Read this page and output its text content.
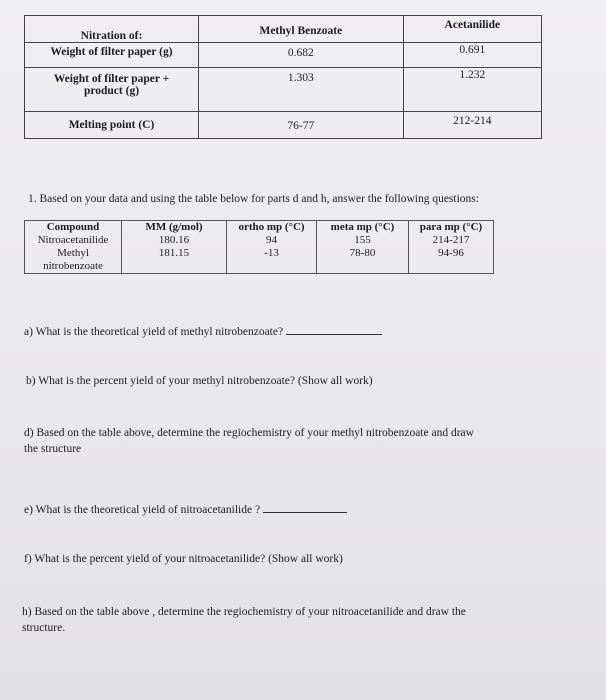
Nitration of:	Methyl Benzoate	Acetanilide
Weight of filter paper (g)	0.682	0.691

Weight of filter paper +
product (g)	1.303	1.232
Melting point (C)	76-77	212-214
1. Based on your data and using the table below for parts d and h, answer the following questions:
Compound	MM (g/mol)	ortho mp (°C)	meta mp (°C)	para mp (°C)
Nitroacetanilide	180.16	94	155	214-217

Methyl
nitrobenzoate	181.15	-13	78-80	94-96
a) What is the theoretical yield of methyl nitrobenzoate?
b) What is the percent yield of your methyl nitrobenzoate? (Show all work)
d) Based on the table above, determine the regiochemistry of your methyl nitrobenzoate and draw
the structure
e) What is the theoretical yield of nitroacetanilide ?
f) What is the percent yield of your nitroacetanilide? (Show all work)
h) Based on the table above , determine the regiochemistry of your nitroacetanilide and draw the
structure.
